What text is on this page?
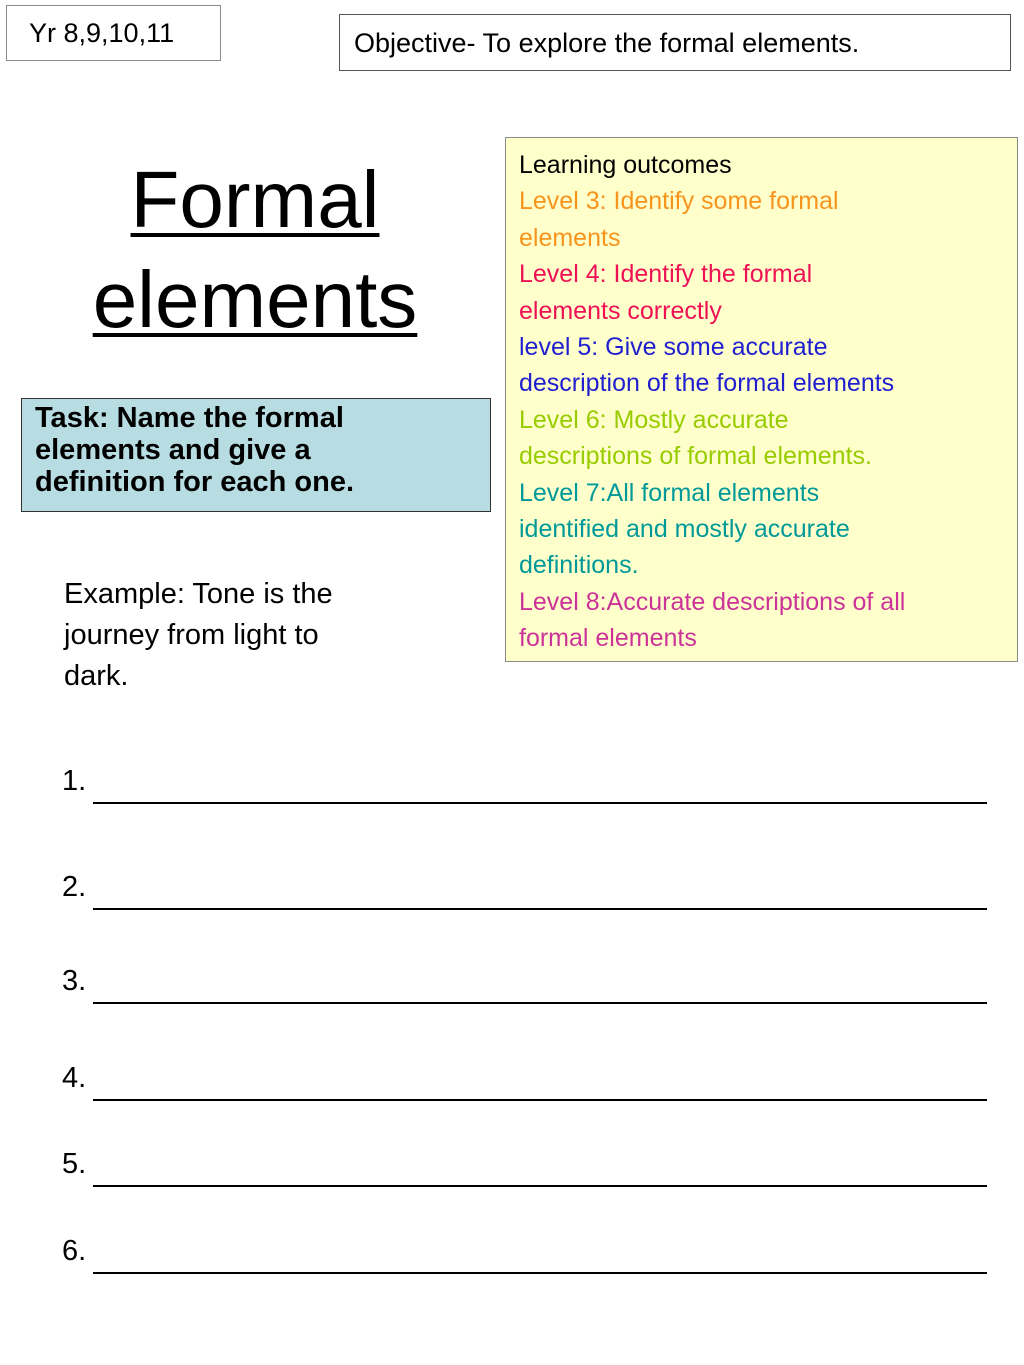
Yr 8,9,10,11	Objective- To explore the formal elements.
Formal
elements
Learning outcomes
Level 3: Identify some formal
elements
Level 4: Identify the formal
elements correctly
level 5: Give some accurate
description of the formal elements
Level 6: Mostly accurate
descriptions of formal elements.
Level 7:All formal elements
identified and mostly accurate
definitions.
Level 8:Accurate descriptions of all
formal elements
Task: Name the formal
elements and give a
definition for each one.
Example: Tone is the
journey from light to
dark.
1.
2.
3.
4.
5.
6.
